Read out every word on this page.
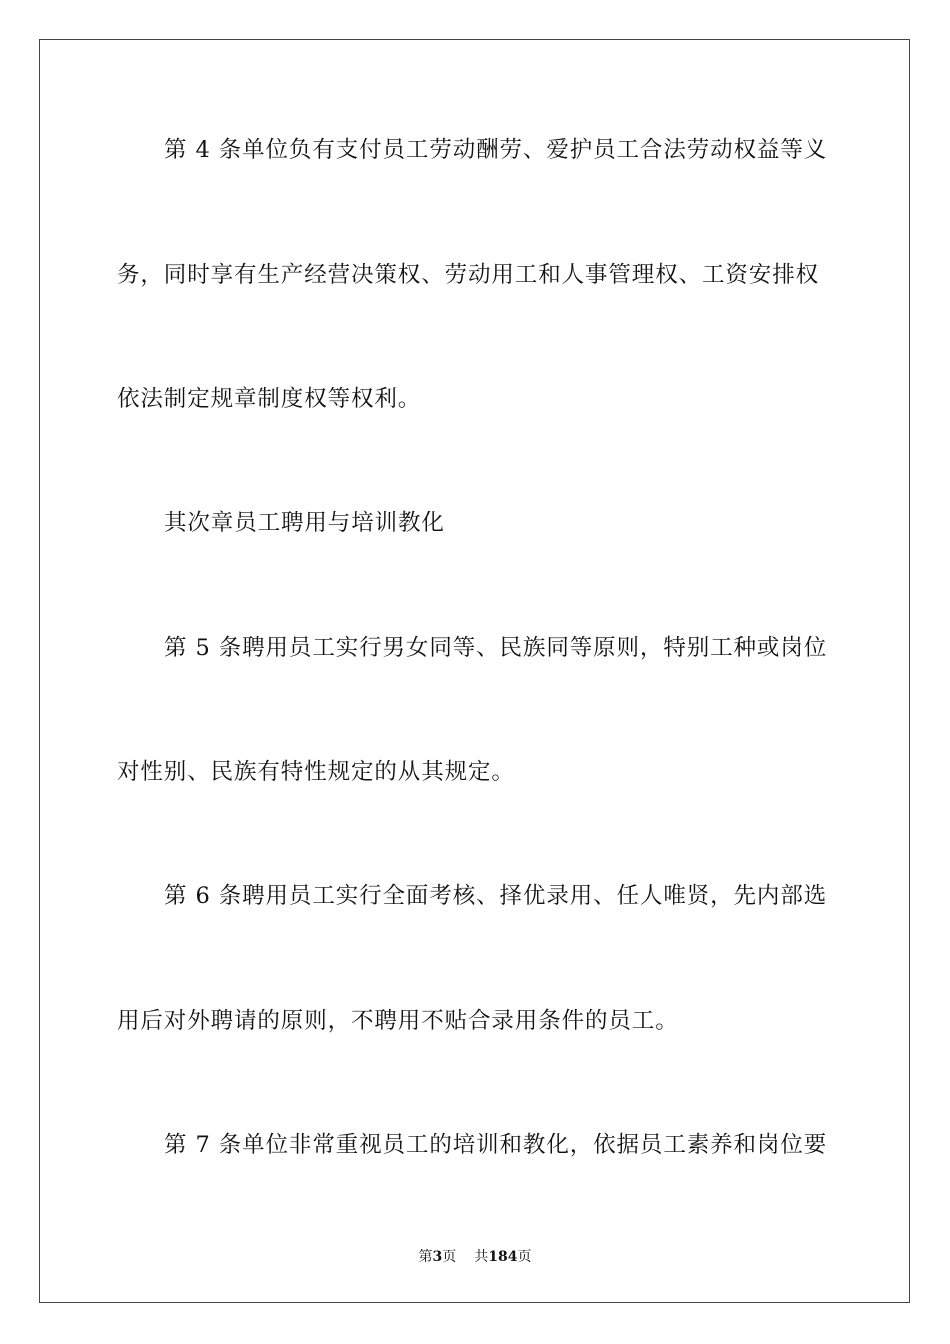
第 4 条单位负有支付员工劳动酬劳、爱护员工合法劳动权益等义
务，同时享有生产经营决策权、劳动用工和人事管理权、工资安排权
依法制定规章制度权等权利。
其次章员工聘用与培训教化
第 5 条聘用员工实行男女同等、民族同等原则，特别工种或岗位
对性别、民族有特性规定的从其规定。
第 6 条聘用员工实行全面考核、择优录用、任人唯贤，先内部选
用后对外聘请的原则，不聘用不贴合录用条件的员工。
第 7 条单位非常重视员工的培训和教化，依据员工素养和岗位要
第3页 共184页
